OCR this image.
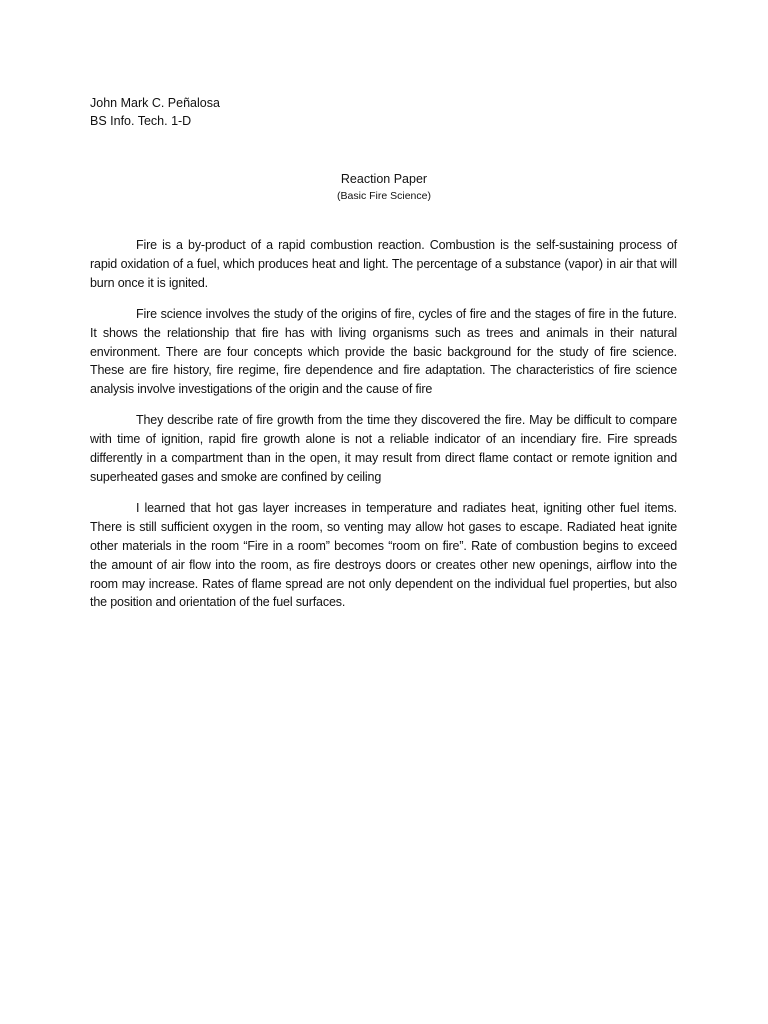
John Mark C. Peñalosa
BS Info. Tech. 1-D
Reaction Paper
(Basic Fire Science)

Fire is a by-product of a rapid combustion reaction. Combustion is the self-sustaining process of rapid oxidation of a fuel, which produces heat and light. The percentage of a substance (vapor) in air that will burn once it is ignited.

Fire science involves the study of the origins of fire, cycles of fire and the stages of fire in the future. It shows the relationship that fire has with living organisms such as trees and animals in their natural environment. There are four concepts which provide the basic background for the study of fire science. These are fire history, fire regime, fire dependence and fire adaptation. The characteristics of fire science analysis involve investigations of the origin and the cause of fire

They describe rate of fire growth from the time they discovered the fire. May be difficult to compare with time of ignition, rapid fire growth alone is not a reliable indicator of an incendiary fire. Fire spreads differently in a compartment than in the open, it may result from direct flame contact or remote ignition and superheated gases and smoke are confined by ceiling

I learned that hot gas layer increases in temperature and radiates heat, igniting other fuel items. There is still sufficient oxygen in the room, so venting may allow hot gases to escape. Radiated heat ignite other materials in the room “Fire in a room” becomes “room on fire”. Rate of combustion begins to exceed the amount of air flow into the room, as fire destroys doors or creates other new openings, airflow into the room may increase. Rates of flame spread are not only dependent on the individual fuel properties, but also the position and orientation of the fuel surfaces.
